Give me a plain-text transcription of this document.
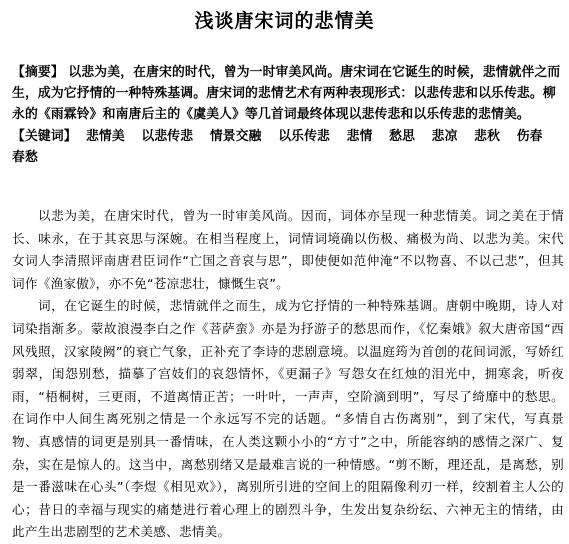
浅谈唐宋词的悲情美
【摘要】 以悲为美，在唐宋的时代，曾为一时审美风尚。唐宋词在它诞生的时候，悲情就伴之而生，成为它抒情的一种特殊基调。唐宋词的悲情艺术有两种表现形式：以悲传悲和以乐传悲。柳永的《雨霖铃》和南唐后主的《虞美人》等几首词最终体现以悲传悲和以乐传悲的悲情美。
【关键词】 悲情美 以悲传悲 情景交融 以乐传悲 悲情 愁思 悲凉 悲秋 伤春 春愁

以悲为美，在唐宋时代，曾为一时审美风尚。因而，词体亦呈现一种悲情美。词之美在于情长、味永，在于其哀思与深婉。在相当程度上，词情词境确以伤极、痛极为尚、以悲为美。宋代女词人李清照评南唐君臣词作“亡国之音哀与思”，即使便如范仲淹“不以物喜、不以己悲”，但其词作《渔家傲》，亦不免“苍凉悲壮，慷慨生哀”。

词，在它诞生的时候，悲情就伴之而生，成为它抒情的一种特殊基调。唐朝中晚期，诗人对词染指渐多。蒙故浪漫李白之作《菩萨蛮》亦是为抒游子的愁思而作，《忆秦娥》叙大唐帝国“西风残照，汉家陵阙”的衰亡气象，正补充了李诗的悲剧意境。以温庭筠为首创的花间词派，写娇红弱翠，闺怨别愁，描摹了宫妓们的哀怨情怀，《更漏子》写怨女在红烛的泪光中，拥寒衾，听夜雨，“梧桐树，三更雨，不道离情正苦；一叶叶，一声声，空阶滴到明”，写尽了绮靡中的愁思。在词作中人间生离死别之情是一个永远写不完的话题。“多情自古伤离别”，到了宋代，写真景物、真感情的词更是别具一番情味，在人类这颗小小的“方寸”之中，所能容纳的感情之深广、复杂，实在是惊人的。这当中，离愁别绪又是最难言说的一种情感。“剪不断，理还乱，是离愁，别是一番滋味在心头”（李煜《相见欢》），离别所引进的空间上的阻隔像利刃一样，绞割着主人公的心；昔日的幸福与现实的痛楚进行着心理上的剧烈斗争，生发出复杂纷纭、六神无主的情绪，由此产生出悲剧型的艺术美感、悲情美。
